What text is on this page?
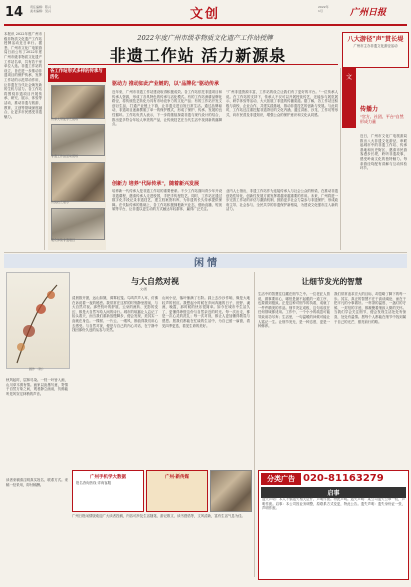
14 责任编辑：陈兴
美术编辑：吴兴	文创	2022年
1月	广州日报
本报讯 2022年度广州市级非物质文化遗产工作站授牌活动近日举行。据悉，广州市文化广电旅游局日前公布了2022年度广州市级非物质文化遗产工作站名单，共有若干家单位入选。非遗工作站的设立，旨在进一步推动非遗项目的保护传承，发挥工作站的示范带动作用，让非遗在当代社会焕发新的生机与活力。各工作站将围绕非遗项目开展传承、研究、展示、体验等活动，推动非遗与旅游、教育、文创等领域深度融合，让更多市民感受非遗魅力。
2022年度广州市级非物质文化遗产工作站授牌
非遗工作站 活力新源泉
各工作站形式多样的传承与活化
传承人带徒学艺现场
非遗工作站活动现场
传统技艺展示
观众体验非遗项目
驱动力 推动如此产业链的，以"品牌化"驱动传承
近年来，广州市非遗工作站建设取得积极成效。各工作站依托非遗项目和传承人资源，形成了各具特色的传承与活化模式。有的工作站深耕品牌化路径，将传统技艺转化为具有市场竞争力的文化产品；有的工作站开发文创衍生品，打通产业链上下游，让非遗走进百姓日常生活。通过品牌驱动，非遗项目逐渐摆脱了单一的保护模式，形成了保护、传承、发展的良性循环。工作站负责人表示，下一步将继续探索非遗与现代设计的结合，推出更多符合年轻人审美的产品，让传统技艺在当代生活中找到新的落脚点。
"广州非遗资源丰富，工作站的设立让我们有了更好的平台。"一位传承人说。在工作站的支持下，传承人不仅可以开展授徒传艺，还能参与展览展示、研学体验等活动，大大拓展了非遗的传播渠道。据了解，各工作站还积极与高校、企业合作，共建实践基地，推动非遗技艺的创新与发展。与此同时，工作站还注重挖掘非遗背后的文化内涵，通过讲座、沙龙、工作坊等形式，向市民普及非遗知识，增强公众的保护意识和文化认同感。
创新力 培养"代际传承"，随着新兴发展
培养新一代传承人是非遗工作站的重要使命。不少工作站面向青少年开设非遗课程，邀请传承人走进校园，手把手传授技艺。同时，工作站还通过数字化手段记录非遗技艺，建立档案资料库，为非遗的长久传承提供保障。在代际传承的基础上，各工作站积极拥抱新兴业态，借助直播、短视频等平台，让非遗以更生动的方式触达年轻群体，赢得广泛关注。
业内人士指出，非遗工作站作为连接传承人与社会公众的桥梁，在推动非遗创造性转化、创新性发展方面发挥着越来越重要的作用。未来，广州将进一步完善工作站的评估与激励机制，鼓励更多社会力量参与非遗保护，形成政府主导、社会参与、全民共享的非遗保护新格局，为建设文化强市注入新的活力。
文
传播力
"官方、社团、平台"自然形成力量
八大游径"声"贯长堤
广州市主办非遗文化游径活动
近日，广州市文化广电旅游局推出八大非遗文化游径，串联起城市中的非遗工作站、传承基地和历史街区，邀请市民游客漫步长堤，聆听非遗故事，感受岭南文化的独特魅力。每条游径均配有讲解与互动体验环节。
闲情
画作 《秋》
秋风起时，层林尽染。一枝一叶皆入画，山川草木俱有情。画家以淡墨写意，寄情于自然万象之间，观者静立画前，仿佛能听见风穿过林梢的声音。
与大自然对视
文/图
清晨推开窗，远山如黛，薄雾轻笼。鸟鸣声声入耳，仿佛在诉说着一夜的秘密。我常常在这样的时刻静坐窗前，与大自然对视。那些枝叶的舒展、云朵的流转、光影的变幻，都是大自然写给人间的诗行。城市的喧嚣让人忘记了抬头看天，而当我们重新放慢脚步，便会发现，美其实一直就在身边。一棵树、一片云、一缕风，都值得我们用心去感受。与自然对视，便是与自己的内心对话，在宁静中找回那份久违的从容与安然。
山间小径，落叶铺满了石阶。踩上去沙沙作响，像是大地轻声的回应。我想起小时候在乡间奔跑的日子，田野、溪流、晚霞，那时候的快乐很简单。如今在城市中生活久了，更懂得珍惜这份与自然亲近的时光。每一次出走，都是一次心灵的洗礼；每一次对视，都让人更加懂得敬畏与感恩。愿我们都能在忙碌的生活中，为自己留一扇窗，看见四季更迭，看见生命的美好。
广州手机学大数据
报名咨询热线 详询客服
广州·新传媒
读者来稿请注明真实姓名、联系方式。来稿一经采用，即付稿酬。
广州日报闲情版欢迎广大读者投稿，内容可涉及生活随笔、游记散文、读书感悟等，文风清新，富有生活气息为佳。
让细节发光的智慧
生活中的智慧往往藏在细节之中。一位老匠人曾说，做事要用心，哪怕是最不起眼的一道工序，也要做到极致。正是这种对细节的执着，成就了一件件精美的作品。细节决定成败，这句话放在任何领域都适用。工作中，一个小小的疏忽可能导致前功尽弃；生活里，一句温暖的问候可能让人铭记一生。让细节发光，是一种态度，更是一种修养。
我们常常追求宏大的目标，却忽略了脚下的每一步。其实，真正的智慧不在于高谈阔论，而在于把平凡的小事做好。一杯茶的温度、一盏灯的守候、一封信的字迹，都凝聚着细致入微的关怀。当我们学会关注细节，便会发现生活处处有惊喜，处处有温情。愿每个人都能在细节中找到属于自己的光芒，照亮前行的路。
分类广告 020-81163279
启事
遗失声明：本人不慎遗失相关证件，声明作废。特此声明。遗失声明：某公司遗失公章一枚，声明作废。启事：本公司因业务调整，原联系方式变更，特此公告。遗失声明：遗失身份证一张，声明作废。
